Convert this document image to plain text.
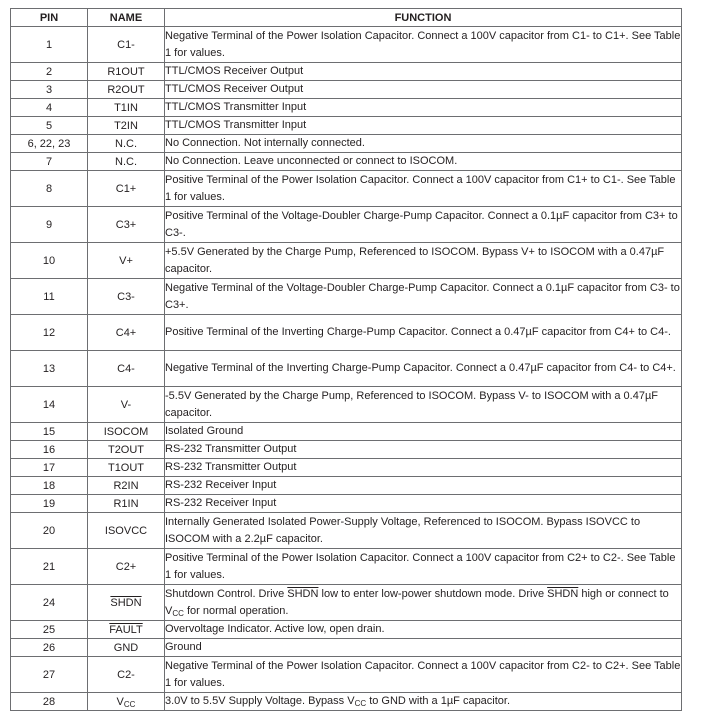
PIN	NAME	FUNCTION
1	C1-	Negative Terminal of the Power Isolation Capacitor. Connect a 100V capacitor from C1- to C1+. See Table 1 for values.
2	R1OUT	TTL/CMOS Receiver Output
3	R2OUT	TTL/CMOS Receiver Output
4	T1IN	TTL/CMOS Transmitter Input
5	T2IN	TTL/CMOS Transmitter Input
6, 22, 23	N.C.	No Connection. Not internally connected.
7	N.C.	No Connection. Leave unconnected or connect to ISOCOM.
8	C1+	Positive Terminal of the Power Isolation Capacitor. Connect a 100V capacitor from C1+ to C1-. See Table 1 for values.
9	C3+	Positive Terminal of the Voltage-Doubler Charge-Pump Capacitor. Connect a 0.1µF capacitor from C3+ to C3-.
10	V+	+5.5V Generated by the Charge Pump, Referenced to ISOCOM. Bypass V+ to ISOCOM with a 0.47µF capacitor.
11	C3-	Negative Terminal of the Voltage-Doubler Charge-Pump Capacitor. Connect a 0.1µF capacitor from C3- to C3+.
12	C4+	Positive Terminal of the Inverting Charge-Pump Capacitor. Connect a 0.47µF capacitor from C4+ to C4-.
13	C4-	Negative Terminal of the Inverting Charge-Pump Capacitor. Connect a 0.47µF capacitor from C4- to C4+.
14	V-	-5.5V Generated by the Charge Pump, Referenced to ISOCOM. Bypass V- to ISOCOM with a 0.47µF capacitor.
15	ISOCOM	Isolated Ground
16	T2OUT	RS-232 Transmitter Output
17	T1OUT	RS-232 Transmitter Output
18	R2IN	RS-232 Receiver Input
19	R1IN	RS-232 Receiver Input
20	ISOVCC	Internally Generated Isolated Power-Supply Voltage, Referenced to ISOCOM. Bypass ISOVCC to ISOCOM with a 2.2µF capacitor.
21	C2+	Positive Terminal of the Power Isolation Capacitor. Connect a 100V capacitor from C2+ to C2-. See Table 1 for values.
24	SHDN	Shutdown Control. Drive SHDN low to enter low-power shutdown mode. Drive SHDN high or connect to $V_{CC}$ for normal operation.
25	FAULT	Overvoltage Indicator. Active low, open drain.
26	GND	Ground
27	C2-	Negative Terminal of the Power Isolation Capacitor. Connect a 100V capacitor from C2- to C2+. See Table 1 for values.
28	$V_{CC}$	3.0V to 5.5V Supply Voltage. Bypass $V_{CC}$ to GND with a 1µF capacitor.
